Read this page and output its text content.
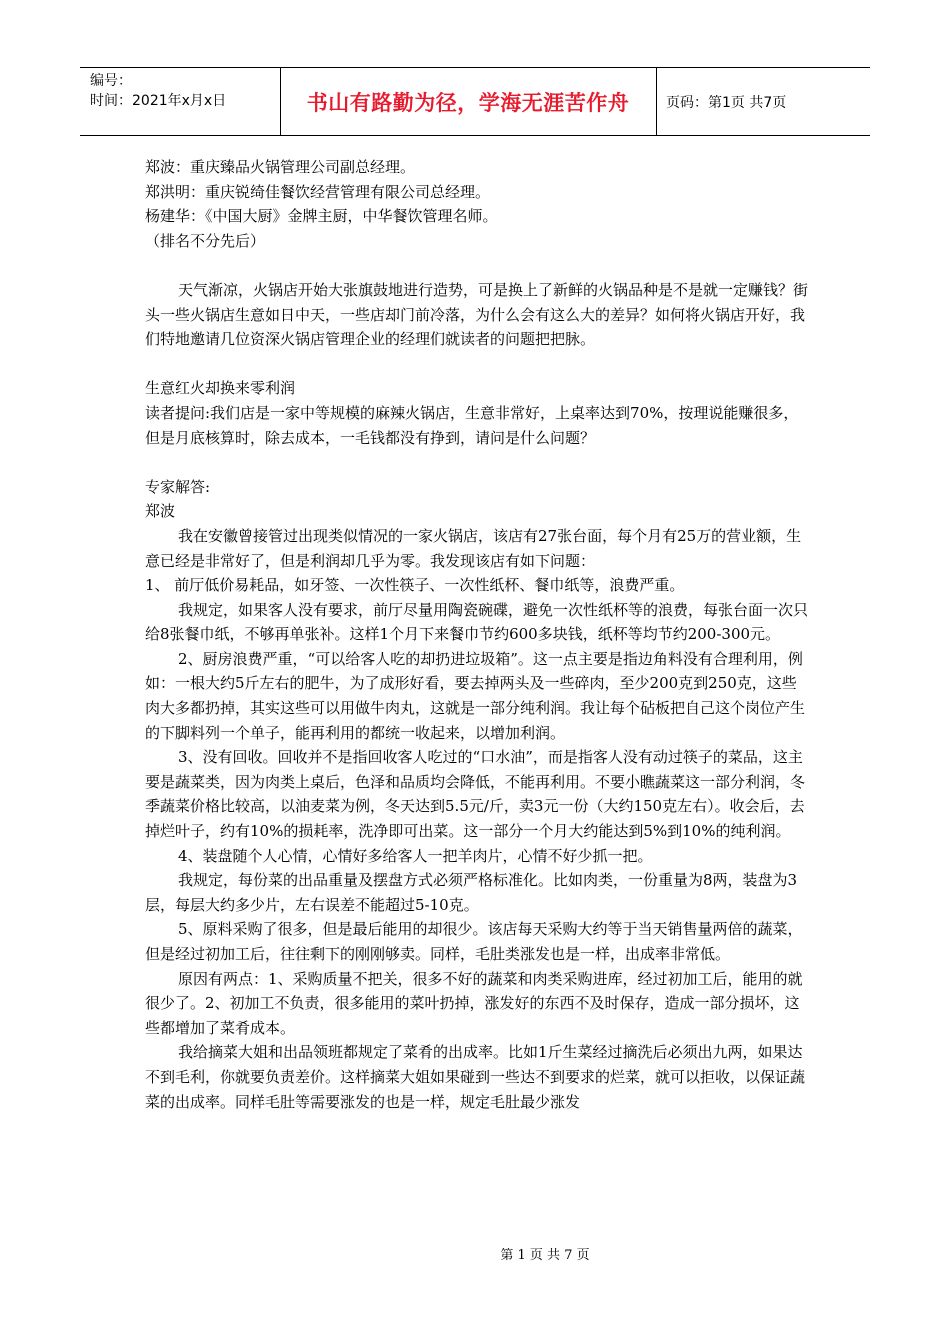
编号：
时间：2021年x月x日	书山有路勤为径，学海无涯苦作舟	页码：第1页 共7页

郑波：重庆臻品火锅管理公司副总经理。

郑洪明：重庆锐绮佳餐饮经营管理有限公司总经理。

杨建华：《中国大厨》金牌主厨，中华餐饮管理名师。

（排名不分先后）

天气渐凉，火锅店开始大张旗鼓地进行造势，可是换上了新鲜的火锅品种是不是就一定赚钱？街头一些火锅店生意如日中天，一些店却门前冷落，为什么会有这么大的差异？如何将火锅店开好，我们特地邀请几位资深火锅店管理企业的经理们就读者的问题把把脉。

生意红火却换来零利润

读者提问:我们店是一家中等规模的麻辣火锅店，生意非常好，上桌率达到70%，按理说能赚很多，但是月底核算时，除去成本，一毛钱都没有挣到，请问是什么问题？

专家解答:

郑波

我在安徽曾接管过出现类似情况的一家火锅店，该店有27张台面，每个月有25万的营业额，生意已经是非常好了，但是利润却几乎为零。我发现该店有如下问题：

1、 前厅低价易耗品，如牙签、一次性筷子、一次性纸杯、餐巾纸等，浪费严重。

我规定，如果客人没有要求，前厅尽量用陶瓷碗碟，避免一次性纸杯等的浪费，每张台面一次只给8张餐巾纸，不够再单张补。这样1个月下来餐巾节约600多块钱，纸杯等均节约200-300元。

2、厨房浪费严重，“可以给客人吃的却扔进垃圾箱”。这一点主要是指边角料没有合理利用，例如：一根大约5斤左右的肥牛，为了成形好看，要去掉两头及一些碎肉，至少200克到250克，这些肉大多都扔掉，其实这些可以用做牛肉丸，这就是一部分纯利润。我让每个砧板把自己这个岗位产生的下脚料列一个单子，能再利用的都统一收起来，以增加利润。

3、没有回收。回收并不是指回收客人吃过的“口水油”，而是指客人没有动过筷子的菜品，这主要是蔬菜类，因为肉类上桌后，色泽和品质均会降低，不能再利用。不要小瞧蔬菜这一部分利润，冬季蔬菜价格比较高，以油麦菜为例，冬天达到5.5元/斤，卖3元一份（大约150克左右）。收会后，去掉烂叶子，约有10%的损耗率，洗净即可出菜。这一部分一个月大约能达到5%到10%的纯利润。

4、装盘随个人心情，心情好多给客人一把羊肉片，心情不好少抓一把。

我规定，每份菜的出品重量及摆盘方式必须严格标准化。比如肉类，一份重量为8两，装盘为3层，每层大约多少片，左右误差不能超过5-10克。

5、原料采购了很多，但是最后能用的却很少。该店每天采购大约等于当天销售量两倍的蔬菜，但是经过初加工后，往往剩下的刚刚够卖。同样，毛肚类涨发也是一样，出成率非常低。

原因有两点：1、采购质量不把关，很多不好的蔬菜和肉类采购进库，经过初加工后，能用的就很少了。2、初加工不负责，很多能用的菜叶扔掉，涨发好的东西不及时保存，造成一部分损坏，这些都增加了菜肴成本。

我给摘菜大姐和出品领班都规定了菜肴的出成率。比如1斤生菜经过摘洗后必须出九两，如果达不到毛利，你就要负责差价。这样摘菜大姐如果碰到一些达不到要求的烂菜，就可以拒收，以保证蔬菜的出成率。同样毛肚等需要涨发的也是一样，规定毛肚最少涨发

第 1 页 共 7 页
